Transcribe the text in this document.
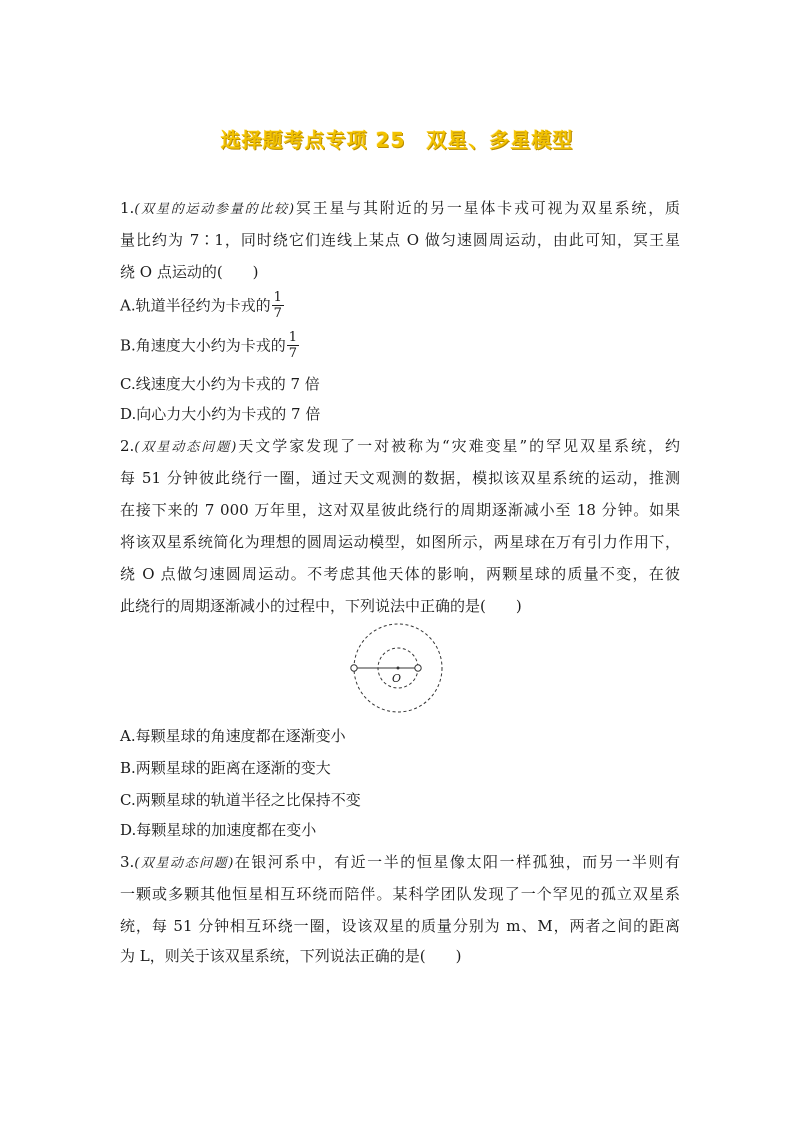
选择题考点专项 25　双星、多星模型
1.(双星的运动参量的比较)冥王星与其附近的另一星体卡戎可视为双星系统，质
量比约为 7∶1，同时绕它们连线上某点 O 做匀速圆周运动，由此可知，冥王星
绕 O 点运动的(　　)
A.轨道半径约为卡戎的 $\frac{1}{7}$
B.角速度大小约为卡戎的 $\frac{1}{7}$
C.线速度大小约为卡戎的 7 倍
D.向心力大小约为卡戎的 7 倍
2.(双星动态问题)天文学家发现了一对被称为“灾难变星”的罕见双星系统，约
每 51 分钟彼此绕行一圈，通过天文观测的数据，模拟该双星系统的运动，推测
在接下来的 7 000 万年里，这对双星彼此绕行的周期逐渐减小至 18 分钟。如果
将该双星系统简化为理想的圆周运动模型，如图所示，两星球在万有引力作用下，
绕 O 点做匀速圆周运动。不考虑其他天体的影响，两颗星球的质量不变，在彼
此绕行的周期逐渐减小的过程中，下列说法中正确的是(　　)
O
A.每颗星球的角速度都在逐渐变小
B.两颗星球的距离在逐渐的变大
C.两颗星球的轨道半径之比保持不变
D.每颗星球的加速度都在变小
3.(双星动态问题)在银河系中，有近一半的恒星像太阳一样孤独，而另一半则有
一颗或多颗其他恒星相互环绕而陪伴。某科学团队发现了一个罕见的孤立双星系
统，每 51 分钟相互环绕一圈，设该双星的质量分别为 m、M，两者之间的距离
为 L，则关于该双星系统，下列说法正确的是(　　)
